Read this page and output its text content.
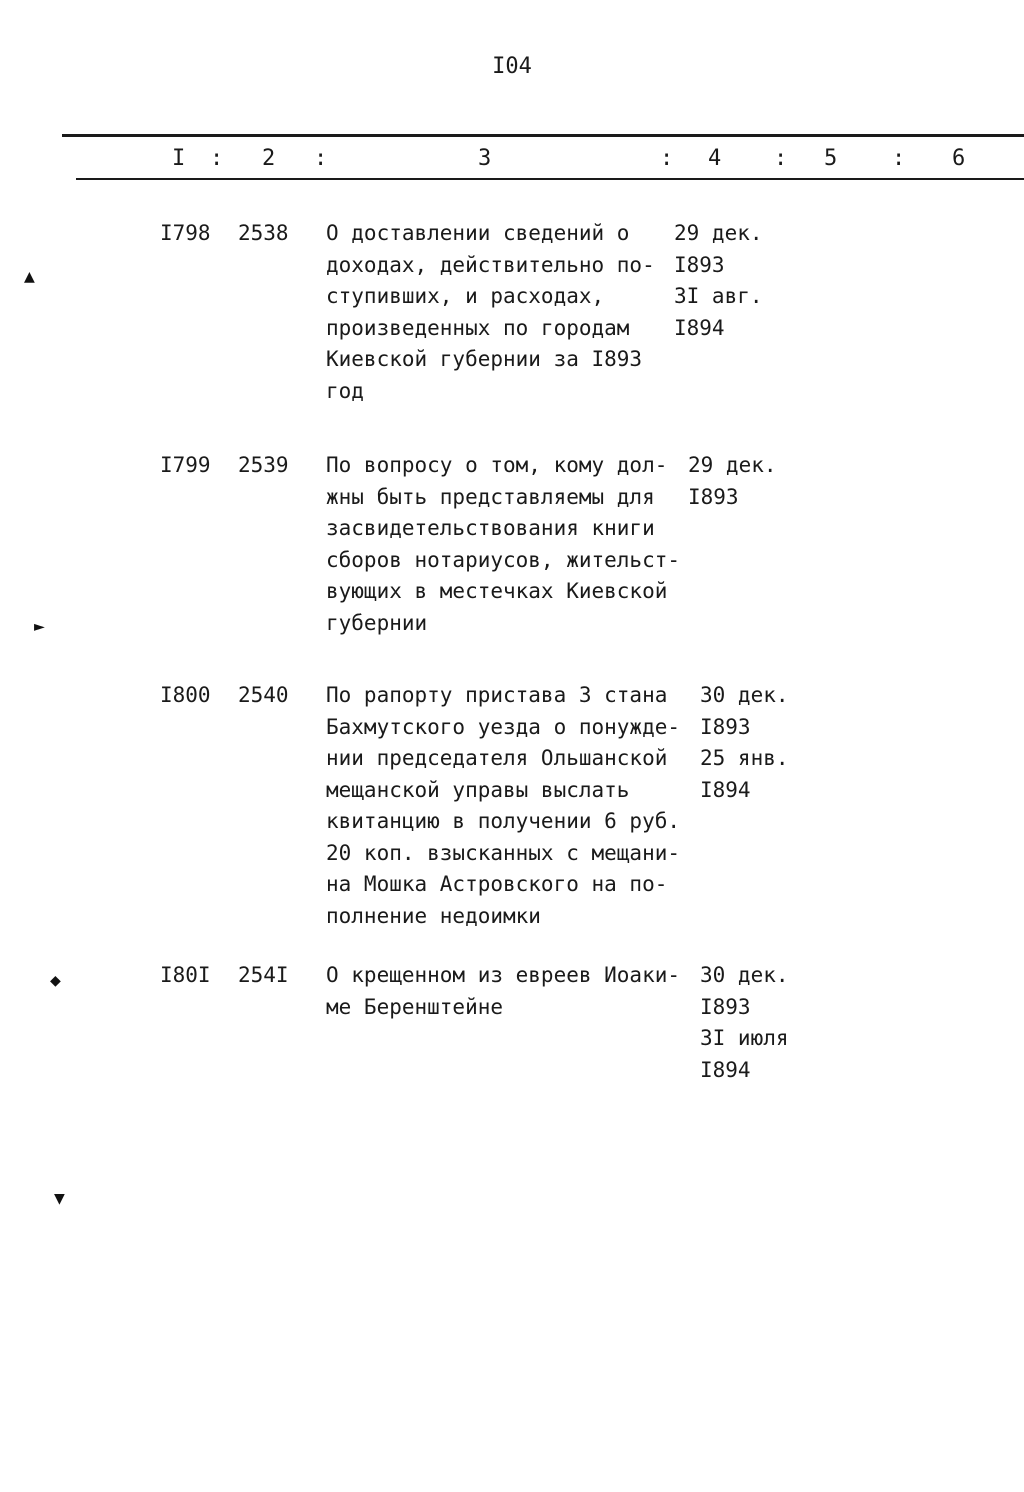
I04
I : 2 :	3	: 4 : 5 : 6
I798 2538 О доставлении сведений о
доходах, действительно по-
ступивших, и расходах,
произведенных по городам
Киевской губернии за I893
год
29 дек.
I893
3I авг.
I894
I799 2539 По вопросу о том, кому дол-
жны быть представляемы для
засвидетельствования книги
сборов нотариусов, жительст-
вующих в местечках Киевской
губернии
29 дек.
I893
I800 2540 По рапорту пристава 3 стана
Бахмутского уезда о понужде-
нии председателя Ольшанской
мещанской управы выслать
квитанцию в получении 6 руб.
20 коп. взысканных с мещани-
на Мошка Астровского на по-
полнение недоимки
30 дек.
I893
25 янв.
I894
I80I 254I О крещенном из евреев Иоаки-
ме Беренштейне
30 дек.
I893
3I июля
I894
▲
►
◆
▼
